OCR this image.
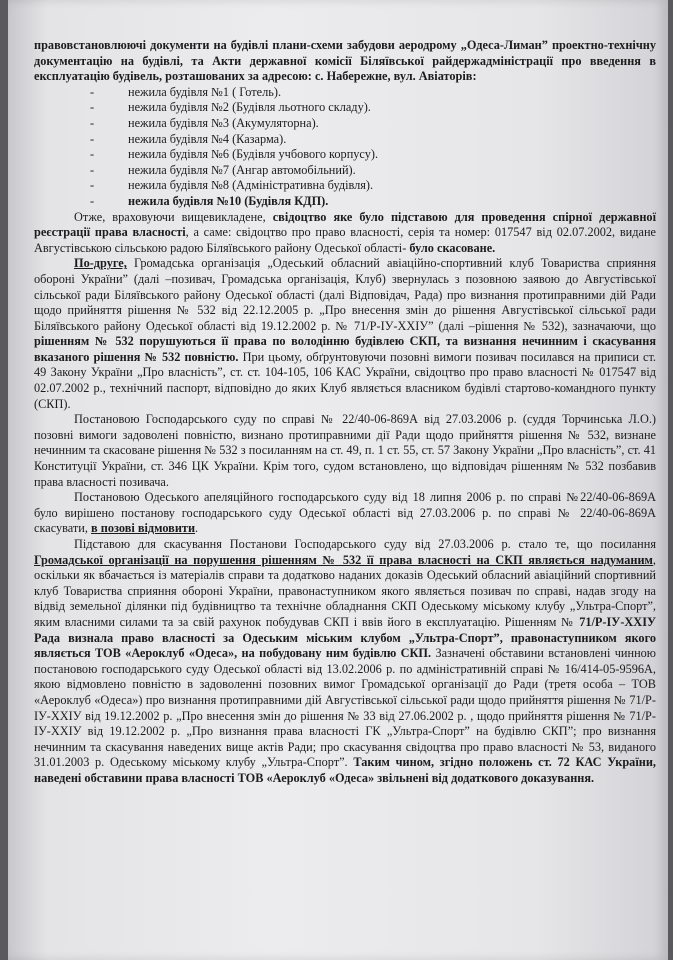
правовстановлюючі документи на будівлі плани-схеми забудови аеродрому „Одеса-Лиман” проектно-технічну документацію на будівлі, та Акти державної комісії Біляївської райдержадміністрації про введення в експлуатацію будівель, розташованих за адресою: с. Набережне, вул. Авіаторів:

-	нежила будівля №1 ( Готель).
-	нежила будівля №2 (Будівля льотного складу).
-	нежила будівля №3 (Акумуляторна).
-	нежила будівля №4 (Казарма).
-	нежила будівля №6 (Будівля учбового корпусу).
-	нежила будівля №7 (Ангар автомобільний).
-	нежила будівля №8 (Адміністративна будівля).
-	нежила будівля №10 (Будівля КДП).

Отже, враховуючи вищевикладене, свідоцтво яке було підставою для проведення спірної державної реєстрації права власності, а саме: свідоцтво про право власності, серія та номер: 017547 від 02.07.2002, видане Августівською сільською радою Біляївського району Одеської області- було скасоване.

По-друге, Громадська організація „Одеський обласний авіаційно-спортивний клуб Товариства сприяння обороні України” (далі –позивач, Громадська організація, Клуб) звернулась з позовною заявою до Августівської сільської ради Біляївського району Одеської області (далі Відповідач, Рада) про визнання протиправними дій Ради щодо прийняття рішення № 532 від 22.12.2005 р. „Про внесення змін до рішення Августівської сільської ради Біляївського району Одеської області від 19.12.2002 р. № 71/Р-IУ-XXIУ” (далі –рішення № 532), зазначаючи, що рішенням № 532 порушуються її права по володінню будівлею СКП, та визнання нечинним і скасування вказаного рішення № 532 повністю. При цьому, обґрунтовуючи позовні вимоги позивач посилався на приписи ст. 49 Закону України „Про власність”, ст. ст. 104-105, 106 КАС України, свідоцтво про право власності № 017547 від 02.07.2002 р., технічний паспорт, відповідно до яких Клуб являється власником будівлі стартово-командного пункту (СКП).

Постановою Господарського суду по справі № 22/40-06-869А від 27.03.2006 р. (суддя Торчинська Л.О.) позовні вимоги задоволені повністю, визнано протиправними дії Ради щодо прийняття рішення № 532, визнане нечинним та скасоване рішення № 532 з посиланням на ст. 49, п. 1 ст. 55, ст. 57 Закону України „Про власність”, ст. 41 Конституції України, ст. 346 ЦК України. Крім того, судом встановлено, що відповідач рішенням № 532 позбавив права власності позивача.

Постановою Одеського апеляційного господарського суду від 18 липня 2006 р. по справі №22/40-06-869А було вирішено постанову господарського суду Одеської області від 27.03.2006 р. по справі № 22/40-06-869А скасувати, в позові відмовити.

Підставою для скасування Постанови Господарського суду від 27.03.2006 р. стало те, що посилання Громадської організації на порушення рішенням № 532 її права власності на СКП являється надуманим, оскільки як вбачається із матеріалів справи та додатково наданих доказів Одеський обласний авіаційний спортивний клуб Товариства сприяння обороні України, правонаступником якого являється позивач по справі, надав згоду на відвід земельної ділянки під будівництво та технічне обладнання СКП Одеському міському клубу „Ультра-Спорт”, яким власними силами та за свій рахунок побудував СКП і ввів його в експлуатацію. Рішенням № 71/Р-IУ-XXIУ Рада визнала право власності за Одеським міським клубом „Ультра-Спорт”, правонаступником якого являється ТОВ «Аероклуб «Одеса», на побудовану ним будівлю СКП. Зазначені обставини встановлені чинною постановою господарського суду Одеської області від 13.02.2006 р. по адміністративній справі № 16/414-05-9596А, якою відмовлено повністю в задоволенні позовних вимог Громадської організації до Ради (третя особа – ТОВ «Аероклуб «Одеса») про визнання протиправними дій Августівської сільської ради щодо прийняття рішення № 71/Р-IУ-XXIУ від 19.12.2002 р. „Про внесення змін до рішення № 33 від 27.06.2002 р. , щодо прийняття рішення № 71/Р-IУ-XXIУ від 19.12.2002 р. „Про визнання права власності ГК „Ультра-Спорт” на будівлю СКП”; про визнання нечинним та скасування наведених вище актів Ради; про скасування свідоцтва про право власності № 53, виданого 31.01.2003 р. Одеському міському клубу „Ультра-Спорт”. Таким чином, згідно положень ст. 72 КАС України, наведені обставини права власності ТОВ «Аероклуб «Одеса» звільнені від додаткового доказування.
